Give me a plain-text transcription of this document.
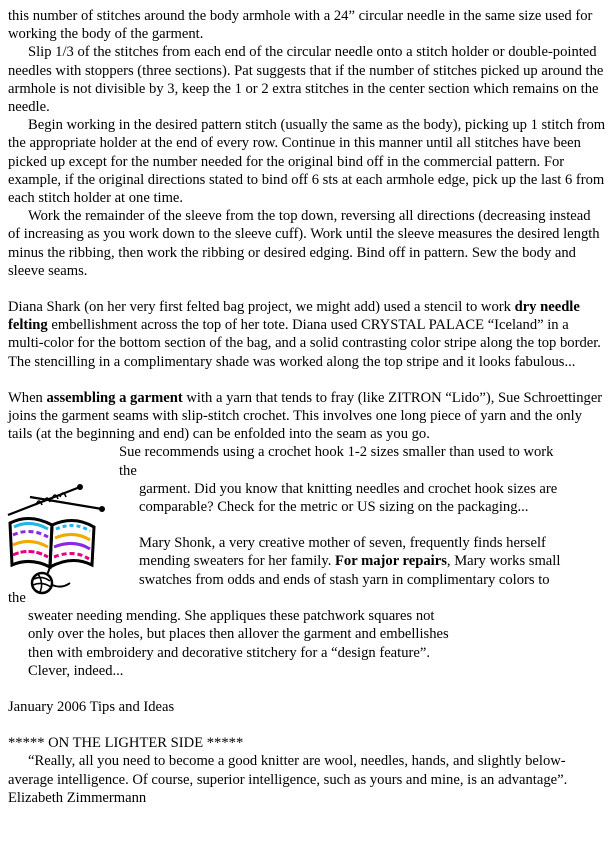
this number of stitches around the body armhole with a 24” circular needle in the same size used for working the body of the garment.

Slip 1/3 of the stitches from each end of the circular needle onto a stitch holder or double-pointed needles with stoppers (three sections). Pat suggests that if the number of stitches picked up around the armhole is not divisible by 3, keep the 1 or 2 extra stitches in the center section which remains on the needle.

Begin working in the desired pattern stitch (usually the same as the body), picking up 1 stitch from the appropriate holder at the end of every row. Continue in this manner until all stitches have been picked up except for the number needed for the original bind off in the commercial pattern. For example, if the original directions stated to bind off 6 sts at each armhole edge, pick up the last 6 from each stitch holder at one time.

Work the remainder of the sleeve from the top down, reversing all directions (decreasing instead of increasing as you work down to the sleeve cuff). Work until the sleeve measures the desired length minus the ribbing, then work the ribbing or desired edging. Bind off in pattern. Sew the body and sleeve seams.

Diana Shark (on her very first felted bag project, we might add) used a stencil to work dry needle felting embellishment across the top of her tote. Diana used CRYSTAL PALACE “Iceland” in a multi-color for the bottom section of the bag, and a solid contrasting color stripe along the top border. The stencilling in a complimentary shade was worked along the top stripe and it looks fabulous...

When assembling a garment with a yarn that tends to fray (like ZITRON “Lido”), Sue Schroettinger joins the garment seams with slip-stitch crochet. This involves one long piece of yarn and the only tails (at the beginning and end) can be enfolded into the seam as you go.

Sue recommends using a crochet hook 1-2 sizes smaller than used to work
the
garment. Did you know that knitting needles and crochet hook sizes are
comparable? Check for the metric or US sizing on the packaging...
Mary Shonk, a very creative mother of seven, frequently finds herself
mending sweaters for her family. For major repairs, Mary works small
swatches from odds and ends of stash yarn in complimentary colors to
the
sweater needing mending. She appliques these patchwork squares not
only over the holes, but places then allover the garment and embellishes
then with embroidery and decorative stitchery for a “design feature”.
Clever, indeed...

January 2006 Tips and Ideas

***** ON THE LIGHTER SIDE *****

“Really, all you need to become a good knitter are wool, needles, hands, and slightly below-average intelligence. Of course, superior intelligence, such as yours and mine, is an advantage”.Elizabeth Zimmermann
